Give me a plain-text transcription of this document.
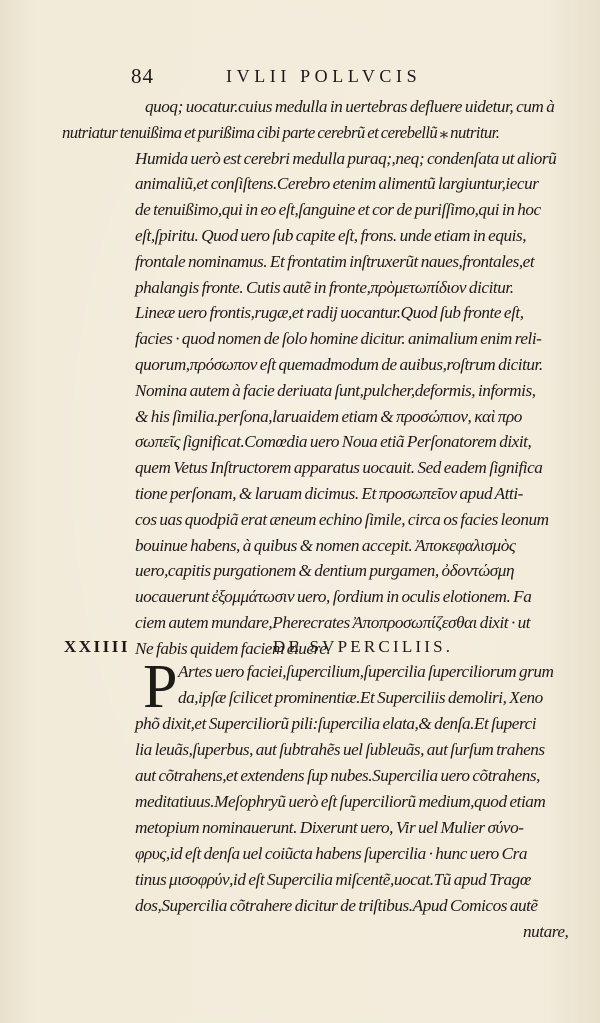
84	IVLII POLLVCIS
quoq; uocatur.cuius medulla in uertebras defluere uidetur, cum à
nutriatur tenuißima et purißima cibi parte cerebrũ et cerebellũ ⁎ nutritur.
Humida uerò est cerebri medulla puraq;,neq; condenſata ut aliorũ
animaliũ,et conſiſtens.Cerebro etenim alimentũ largiuntur,iecur
de tenuißimo,qui in eo eſt,ſanguine et cor de puriſſimo,qui in hoc
eſt,ſpiritu. Quod uero ſub capite eſt, frons. unde etiam in equis,
frontale nominamus. Et frontatim inſtruxerũt naues,frontales,et
phalangis fronte. Cutis autẽ in fronte,πρὸμετωπίδιον dicitur.
Lineæ uero frontis,rugæ,et radij uocantur.Quod ſub fronte eſt,
facies · quod nomen de ſolo homine dicitur. animalium enim reli-
quorum,πρόσωπον eſt quemadmodum de auibus,roſtrum dicitur.
Nomina autem à facie deriuata ſunt,pulcher,deformis, informis,
& his ſimilia.perſona,laruaidem etiam & προσώπιον, καὶ προ
σωπεῖς ſignificat.Comœdia uero Noua etiã Perſonatorem dixit,
quem Vetus Inſtructorem apparatus uocauit. Sed eadem ſignifica
tione perſonam, & laruam dicimus. Et προσωπεῖον apud Atti-
cos uas quodpiã erat æneum echino ſimile, circa os facies leonum
bouinue habens, à quibus & nomen accepit. Ἀποκεφαλισμὸς
uero,capitis purgationem & dentium purgamen, ὀδοντώσμη
uocauerunt ἐξομμάτωσιν uero, ſordium in oculis elotionem. Fa
ciem autem mundare,Pherecrates Ἀποπροσωπίζεσθαι dixit · ut
Ne fabis quidem faciem eluere.
XXIIII	DE SVPERCILIIS.
P Artes uero faciei,ſupercilium,ſupercilia ſuperciliorum grum
da,ipſæ ſcilicet prominentiæ.Et Superciliis demoliri, Xeno
phõ dixit,et Superciliorũ pili:ſupercilia elata,& denſa.Et ſuperci
lia leuãs,ſuperbus, aut ſubtrahẽs uel ſubleuãs, aut ſurſum trahens
aut cõtrahens,et extendens ſup nubes.Supercilia uero cõtrahens,
meditatiuus.Meſophryũ uerò eſt ſuperciliorũ medium,quod etiam
metopium nominauerunt. Dixerunt uero, Vir uel Mulier σύνο-
φρυς,id eſt denſa uel coiũcta habens ſupercilia · hunc uero Cra
tinus μισοφρύν,id eſt Supercilia miſcentẽ,uocat.Tũ apud Tragœ
dos,Supercilia cõtrahere dicitur de triſtibus.Apud Comicos autẽ
nutare,
